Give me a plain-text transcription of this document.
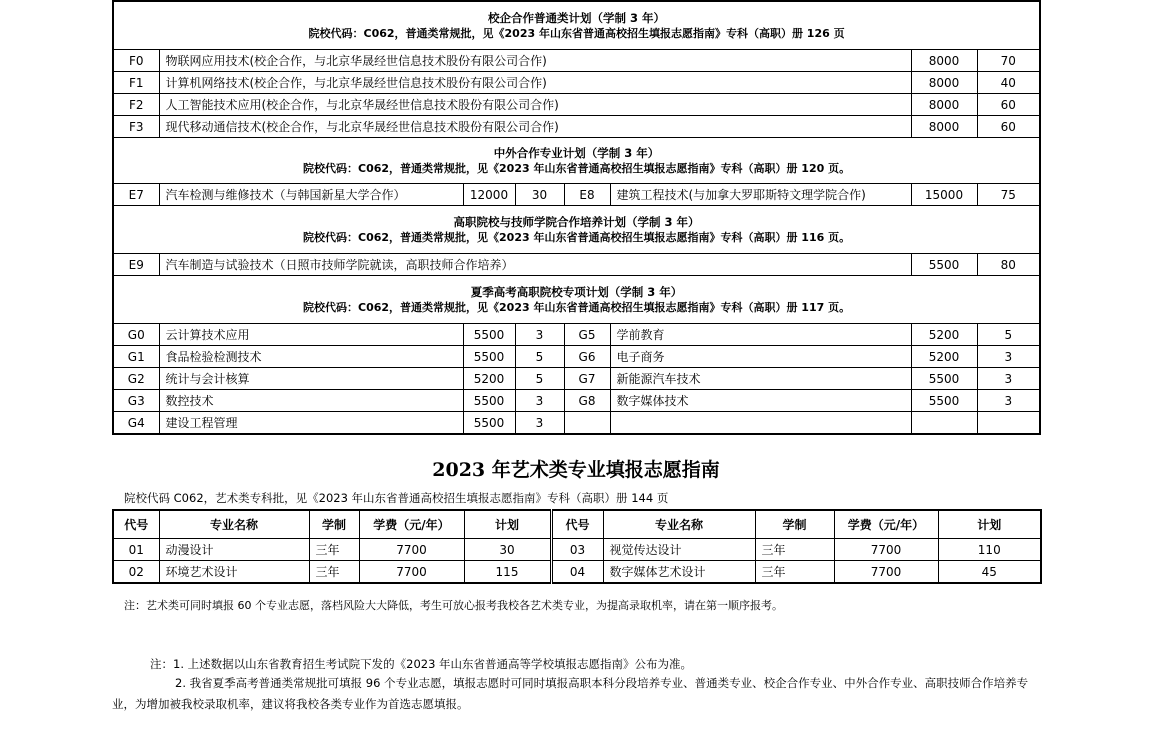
校企合作普通类计划（学制 3 年）
院校代码：C062，普通类常规批，见《2023 年山东省普通高校招生填报志愿指南》专科（高职）册 126 页							

F0	物联网应用技术(校企合作，与北京华晟经世信息技术股份有限公司合作)					8000	70
F1	计算机网络技术(校企合作，与北京华晟经世信息技术股份有限公司合作)					8000	40
F2	人工智能技术应用(校企合作，与北京华晟经世信息技术股份有限公司合作)					8000	60
F3	现代移动通信技术(校企合作，与北京华晟经世信息技术股份有限公司合作)					8000	60

中外合作专业计划（学制 3 年）
院校代码：C062，普通类常规批，见《2023 年山东省普通高校招生填报志愿指南》专科（高职）册 120 页。							

E7	汽车检测与维修技术（与韩国新星大学合作）	12000	30	E8	建筑工程技术(与加拿大罗耶斯特文理学院合作)	15000	75

高职院校与技师学院合作培养计划（学制 3 年）
院校代码：C062，普通类常规批，见《2023 年山东省普通高校招生填报志愿指南》专科（高职）册 116 页。							

E9	汽车制造与试验技术（日照市技师学院就读，高职技师合作培养）					5500	80

夏季高考高职院校专项计划（学制 3 年）
院校代码：C062，普通类常规批，见《2023 年山东省普通高校招生填报志愿指南》专科（高职）册 117 页。							

G0	云计算技术应用	5500	3	G5	学前教育	5200	5
G1	食品检验检测技术	5500	5	G6	电子商务	5200	3
G2	统计与会计核算	5200	5	G7	新能源汽车技术	5500	3
G3	数控技术	5500	3	G8	数字媒体技术	5500	3
G4	建设工程管理	5500	3				
2023 年艺术类专业填报志愿指南
院校代码 C062，艺术类专科批，见《2023 年山东省普通高校招生填报志愿指南》专科（高职）册 144 页
代号	专业名称	学制	学费（元/年）	计划	代号	专业名称	学制	学费（元/年）	计划
01	动漫设计	三年	7700	30	03	视觉传达设计	三年	7700	110
02	环境艺术设计	三年	7700	115	04	数字媒体艺术设计	三年	7700	45
注：艺术类可同时填报 60 个专业志愿，落档风险大大降低，考生可放心报考我校各艺术类专业，为提高录取机率，请在第一顺序报考。
注：1. 上述数据以山东省教育招生考试院下发的《2023 年山东省普通高等学校填报志愿指南》公布为准。
2. 我省夏季高考普通类常规批可填报 96 个专业志愿，填报志愿时可同时填报高职本科分段培养专业、普通类专业、校企合作专业、中外合作专业、高职技师合作培养专业，为增加被我校录取机率，建议将我校各类专业作为首选志愿填报。
